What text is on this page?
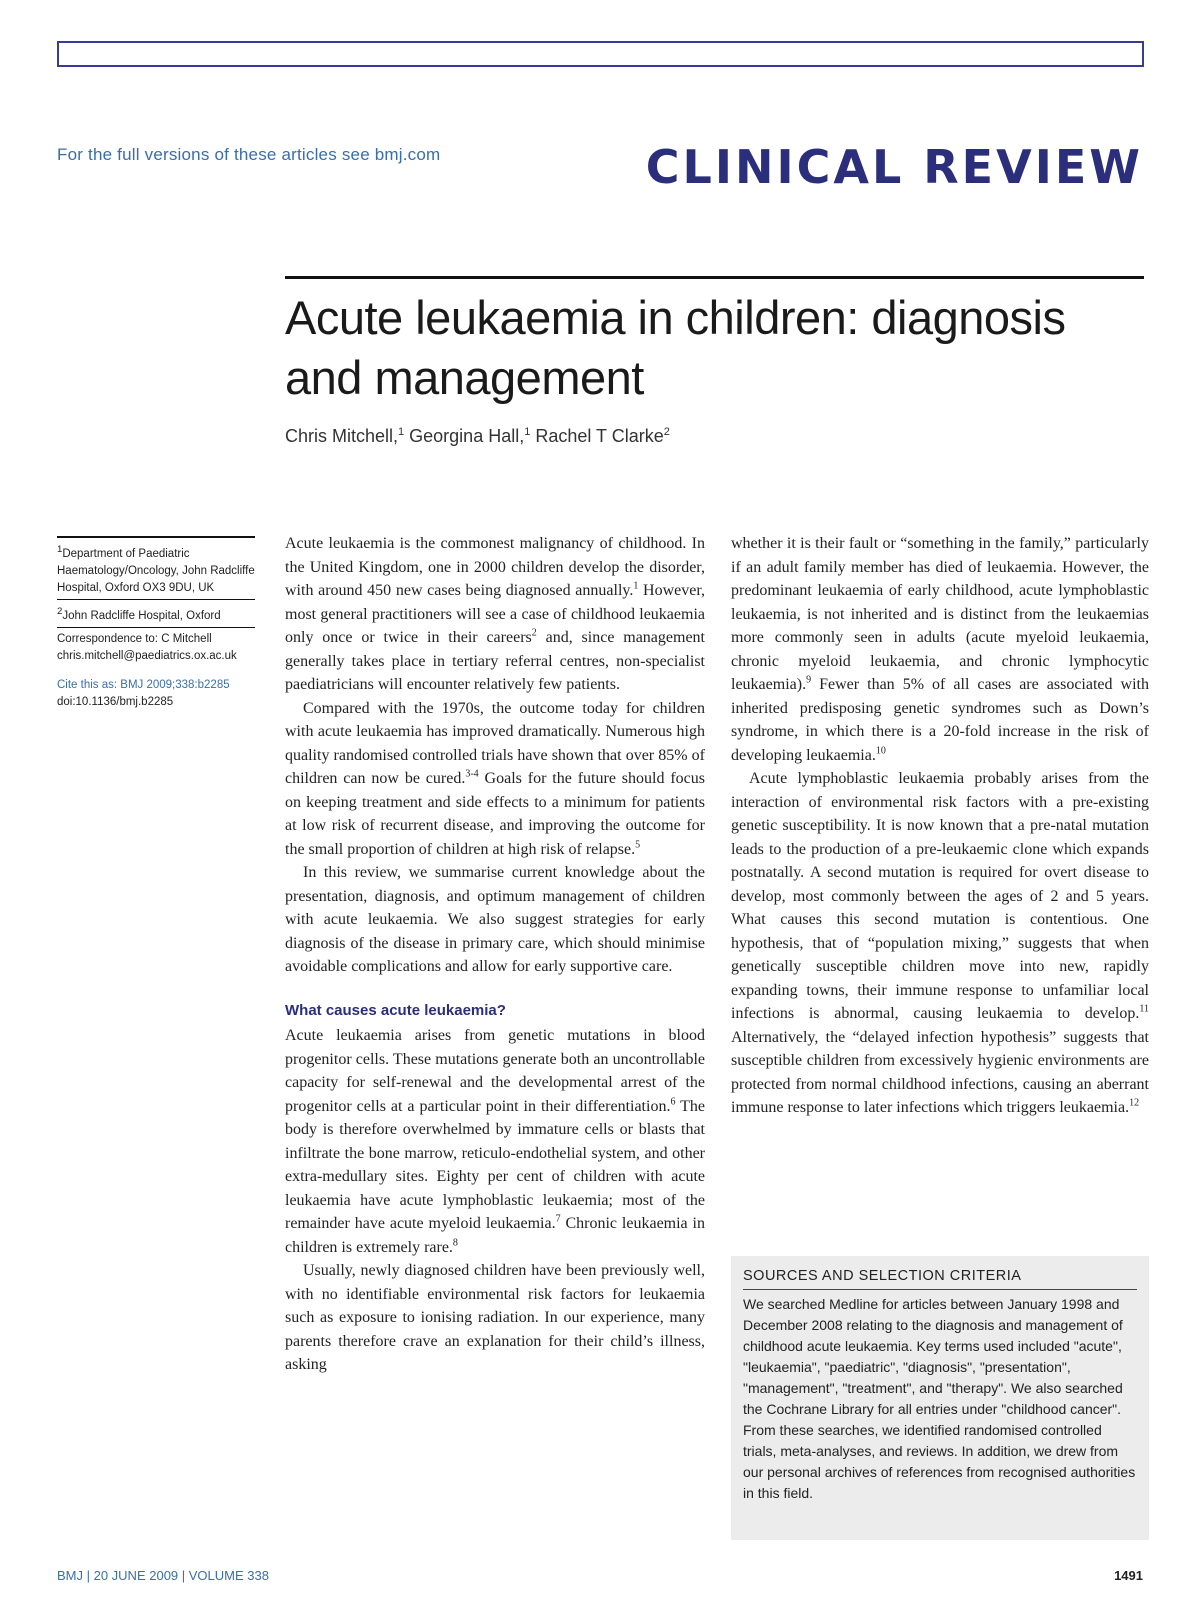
For the full versions of these articles see bmj.com	CLINICAL REVIEW
Acute leukaemia in children: diagnosis and management
Chris Mitchell,$^1$ Georgina Hall,$^1$ Rachel T Clarke$^2$
$^1$Department of Paediatric Haematology/Oncology, John Radcliffe Hospital, Oxford OX3 9DU, UK
$^2$John Radcliffe Hospital, Oxford
Correspondence to: C Mitchell
chris.mitchell@paediatrics.ox.ac.uk
Cite this as: BMJ 2009;338:b2285
doi:10.1136/bmj.b2285

Acute leukaemia is the commonest malignancy of childhood. In the United Kingdom, one in 2000 children develop the disorder, with around 450 new cases being diagnosed annually.$^1$ However, most general practitioners will see a case of childhood leukaemia only once or twice in their careers$^2$ and, since management generally takes place in tertiary referral centres, non-specialist paediatricians will encounter relatively few patients.

Compared with the 1970s, the outcome today for children with acute leukaemia has improved dramatically. Numerous high quality randomised controlled trials have shown that over 85% of children can now be cured.$^{3-4}$ Goals for the future should focus on keeping treatment and side effects to a minimum for patients at low risk of recurrent disease, and improving the outcome for the small proportion of children at high risk of relapse.$^5$

In this review, we summarise current knowledge about the presentation, diagnosis, and optimum management of children with acute leukaemia. We also suggest strategies for early diagnosis of the disease in primary care, which should minimise avoidable complications and allow for early supportive care.

What causes acute leukaemia?

Acute leukaemia arises from genetic mutations in blood progenitor cells. These mutations generate both an uncontrollable capacity for self-renewal and the developmental arrest of the progenitor cells at a particular point in their differentiation.$^6$ The body is therefore overwhelmed by immature cells or blasts that infiltrate the bone marrow, reticulo-endothelial system, and other extra-medullary sites. Eighty per cent of children with acute leukaemia have acute lymphoblastic leukaemia; most of the remainder have acute myeloid leukaemia.$^7$ Chronic leukaemia in children is extremely rare.$^8$

Usually, newly diagnosed children have been previously well, with no identifiable environmental risk factors for leukaemia such as exposure to ionising radiation. In our experience, many parents therefore crave an explanation for their child’s illness, asking

whether it is their fault or “something in the family,” particularly if an adult family member has died of leukaemia. However, the predominant leukaemia of early childhood, acute lymphoblastic leukaemia, is not inherited and is distinct from the leukaemias more commonly seen in adults (acute myeloid leukaemia, chronic myeloid leukaemia, and chronic lymphocytic leukaemia).$^9$ Fewer than 5% of all cases are associated with inherited predisposing genetic syndromes such as Down’s syndrome, in which there is a 20-fold increase in the risk of developing leukaemia.$^{10}$

Acute lymphoblastic leukaemia probably arises from the interaction of environmental risk factors with a pre-existing genetic susceptibility. It is now known that a pre-natal mutation leads to the production of a pre-leukaemic clone which expands postnatally. A second mutation is required for overt disease to develop, most commonly between the ages of 2 and 5 years. What causes this second mutation is contentious. One hypothesis, that of “population mixing,” suggests that when genetically susceptible children move into new, rapidly expanding towns, their immune response to unfamiliar local infections is abnormal, causing leukaemia to develop.$^{11}$ Alternatively, the “delayed infection hypothesis” suggests that susceptible children from excessively hygienic environments are protected from normal childhood infections, causing an aberrant immune response to later infections which triggers leukaemia.$^{12}$

SOURCES AND SELECTION CRITERIA
We searched Medline for articles between January 1998 and December 2008 relating to the diagnosis and management of childhood acute leukaemia. Key terms used included "acute", "leukaemia", "paediatric", "diagnosis", "presentation", "management", "treatment", and "therapy". We also searched the Cochrane Library for all entries under "childhood cancer". From these searches, we identified randomised controlled trials, meta-analyses, and reviews. In addition, we drew from our personal archives of references from recognised authorities in this field.
BMJ | 20 JUNE 2009 | VOLUME 338	1491
